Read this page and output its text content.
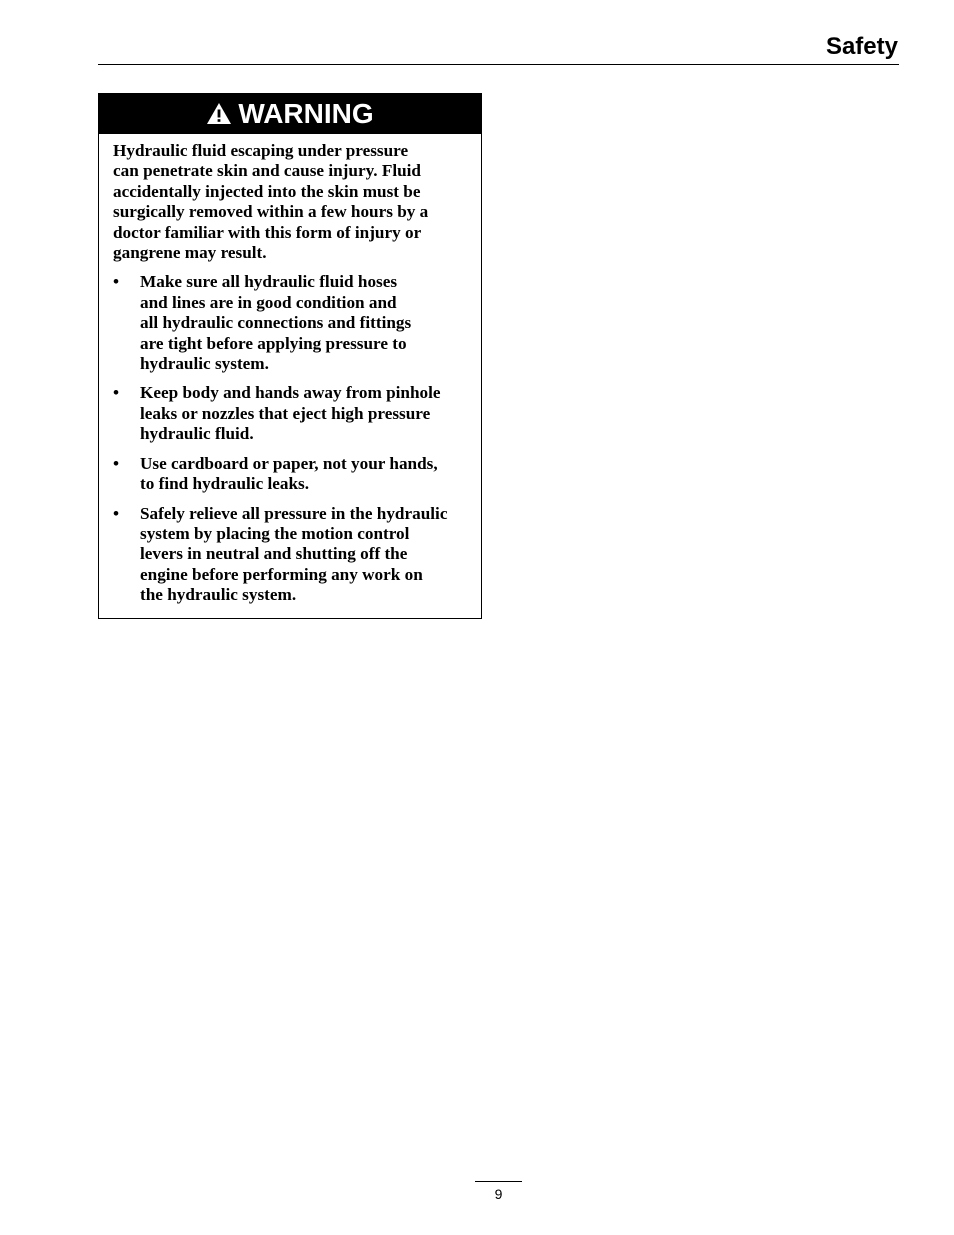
Safety
WARNING

Hydraulic fluid escaping under pressure
can penetrate skin and cause injury. Fluid
accidentally injected into the skin must be
surgically removed within a few hours by a
doctor familiar with this form of injury or
gangrene may result.

• Make sure all hydraulic fluid hoses
and lines are in good condition and
all hydraulic connections and fittings
are tight before applying pressure to
hydraulic system.
• Keep body and hands away from pinhole
leaks or nozzles that eject high pressure
hydraulic fluid.
• Use cardboard or paper, not your hands,
to find hydraulic leaks.
• Safely relieve all pressure in the hydraulic
system by placing the motion control
levers in neutral and shutting off the
engine before performing any work on
the hydraulic system.
9
